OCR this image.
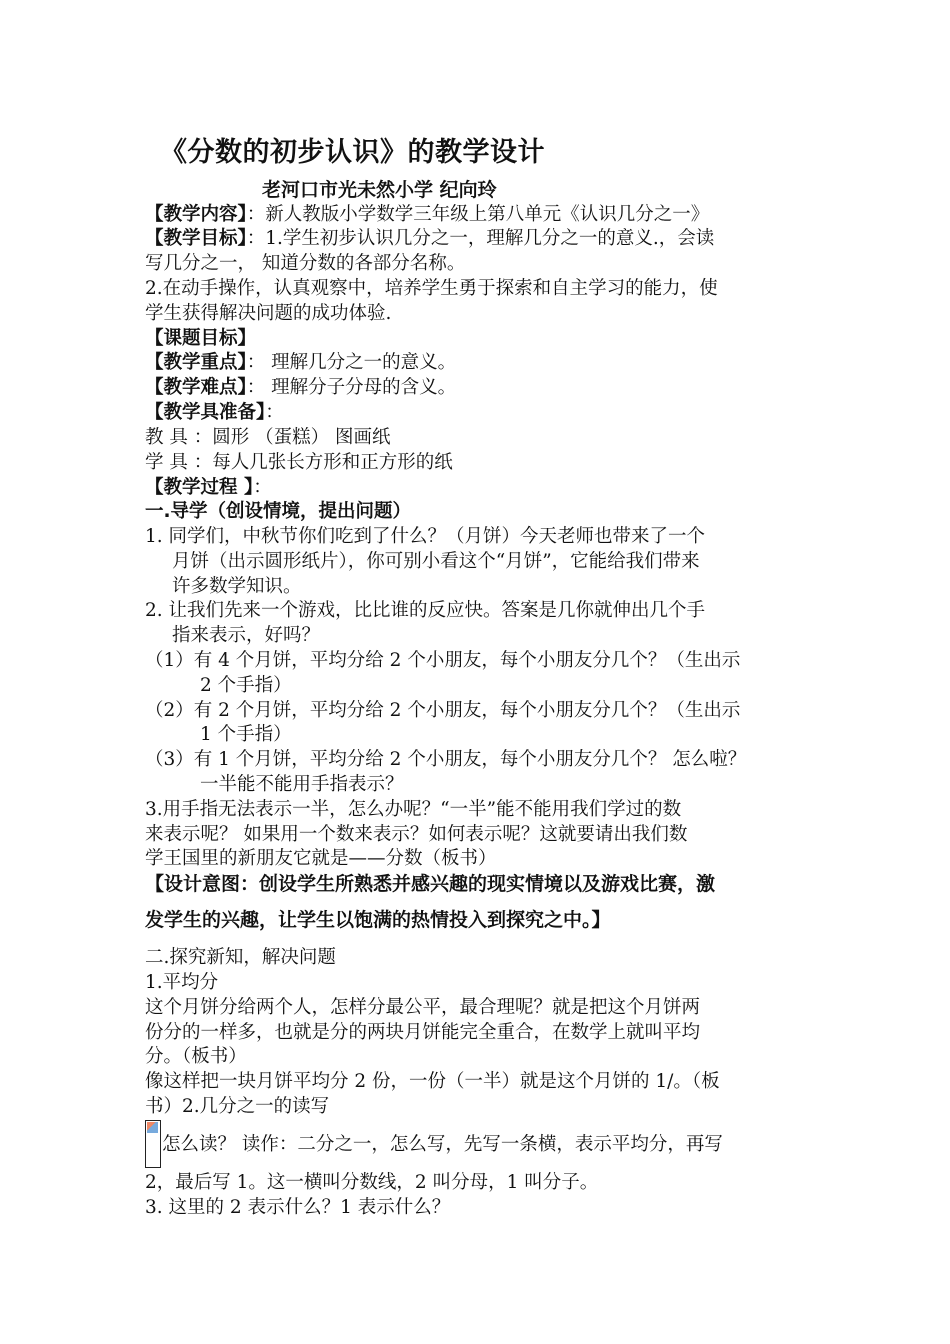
《分数的初步认识》的教学设计
老河口市光未然小学 纪向玲
【教学内容】：新人教版小学数学三年级上第八单元《认识几分之一》
【教学目标】：1.学生初步认识几分之一，理解几分之一的意义.，会读
写几分之一， 知道分数的各部分名称。
2.在动手操作，认真观察中，培养学生勇于探索和自主学习的能力，使
学生获得解决问题的成功体验.
【课题目标】
【教学重点】： 理解几分之一的意义。
【教学难点】： 理解分子分母的含义。
【教学具准备】：
教 具 ：圆形 （蛋糕） 图画纸
学 具 ：每人几张长方形和正方形的纸
【教学过程 】：
一.导学（创设情境，提出问题）
1. 同学们，中秋节你们吃到了什么？（月饼）今天老师也带来了一个
月饼（出示圆形纸片），你可别小看这个“月饼”，它能给我们带来
许多数学知识。
2. 让我们先来一个游戏，比比谁的反应快。答案是几你就伸出几个手
指来表示，好吗？
（1）有 4 个月饼，平均分给 2 个小朋友，每个小朋友分几个？（生出示
2 个手指）
（2）有 2 个月饼，平均分给 2 个小朋友，每个小朋友分几个？（生出示
1 个手指）
（3）有 1 个月饼，平均分给 2 个小朋友，每个小朋友分几个？ 怎么啦？
一半能不能用手指表示？
3.用手指无法表示一半，怎么办呢？“一半”能不能用我们学过的数
来表示呢？ 如果用一个数来表示？如何表示呢？这就要请出我们数
学王国里的新朋友它就是——分数（板书）
【设计意图：创设学生所熟悉并感兴趣的现实情境以及游戏比赛，激
发学生的兴趣，让学生以饱满的热情投入到探究之中。】
二.探究新知，解决问题
1.平均分
这个月饼分给两个人，怎样分最公平，最合理呢？就是把这个月饼两
份分的一样多，也就是分的两块月饼能完全重合，在数学上就叫平均
分。（板书）
像这样把一块月饼平均分 2 份，一份（一半）就是这个月饼的 1/。（板
书）2.几分之一的读写
怎么读？ 读作：二分之一，怎么写，先写一条横，表示平均分，再写
2，最后写 1。这一横叫分数线，2 叫分母，1 叫分子。
3. 这里的 2 表示什么？1 表示什么？
